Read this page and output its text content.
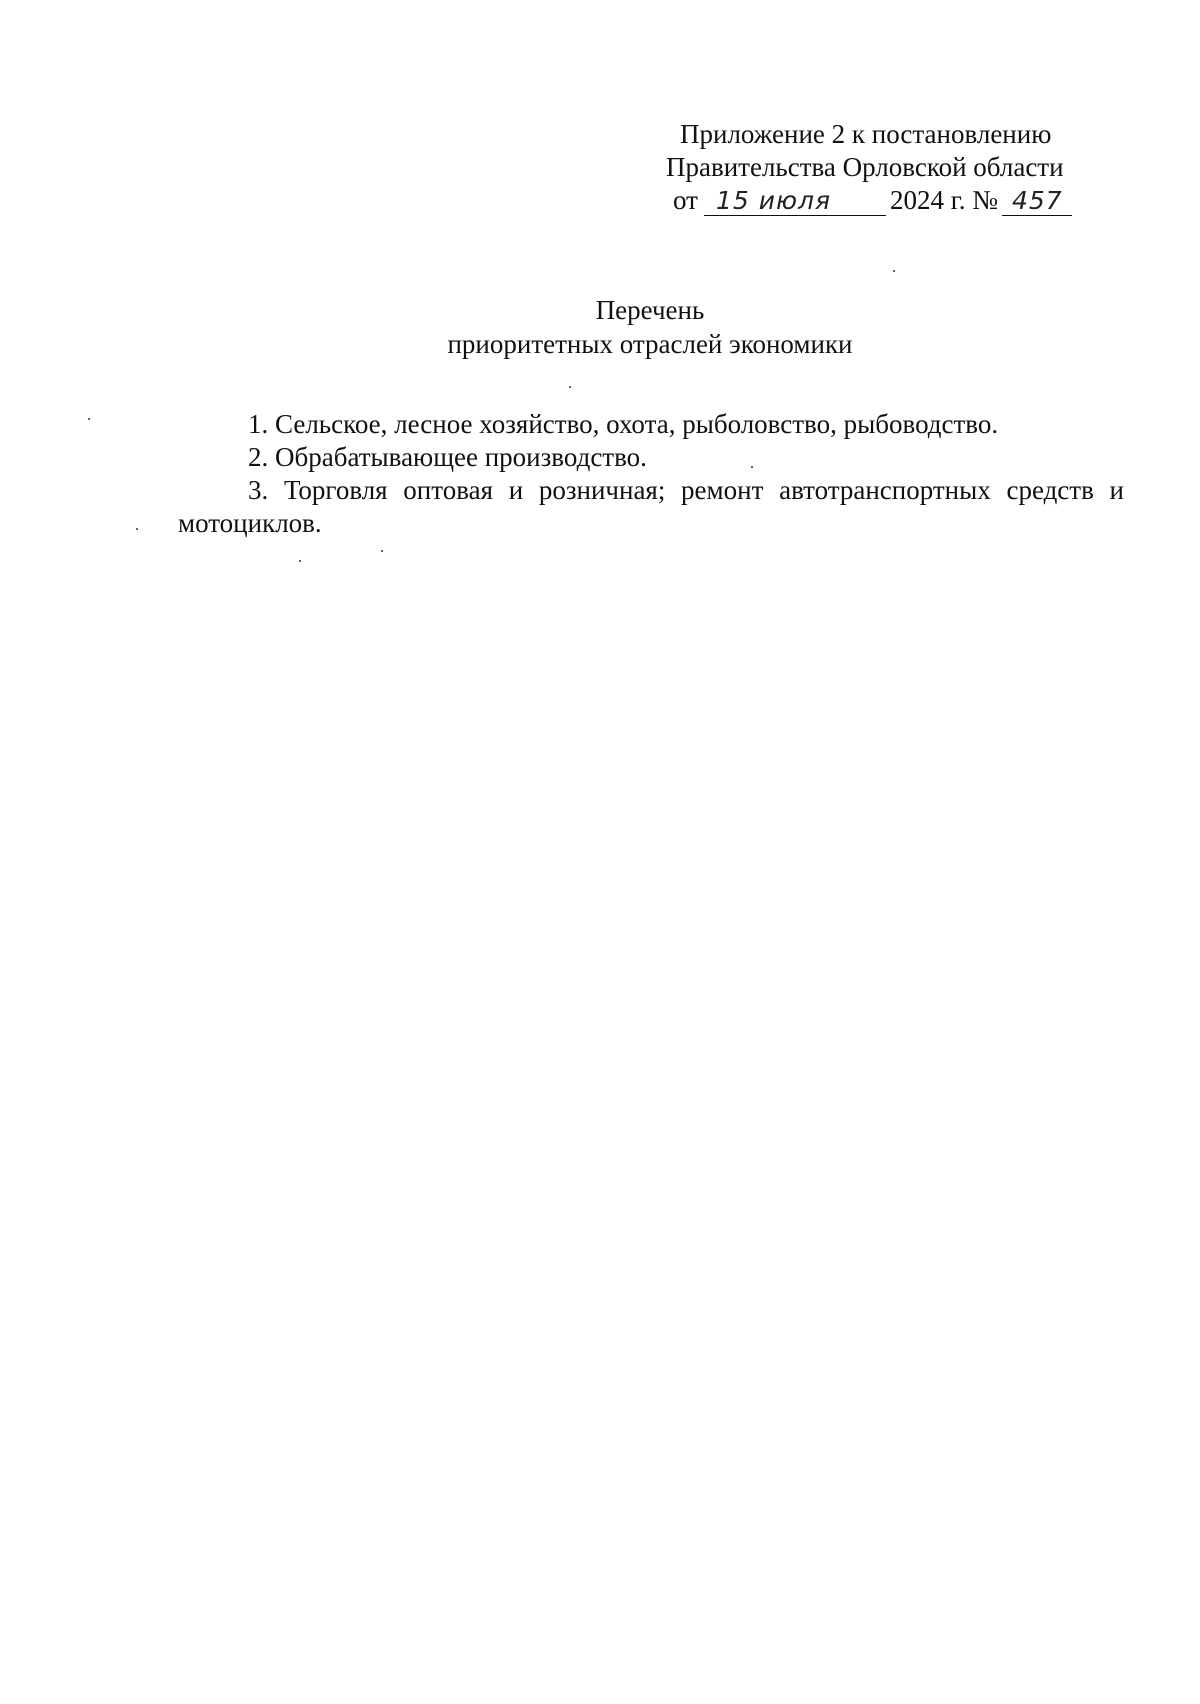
Приложение 2 к постановлению
Правительства Орловской области
от 15 июля 2024 г. № 457
Перечень
приоритетных отраслей экономики
1. Сельское, лесное хозяйство, охота, рыболовство, рыбоводство.
2. Обрабатывающее производство.
3. Торговля оптовая и розничная; ремонт автотранспортных средств и мотоциклов.
